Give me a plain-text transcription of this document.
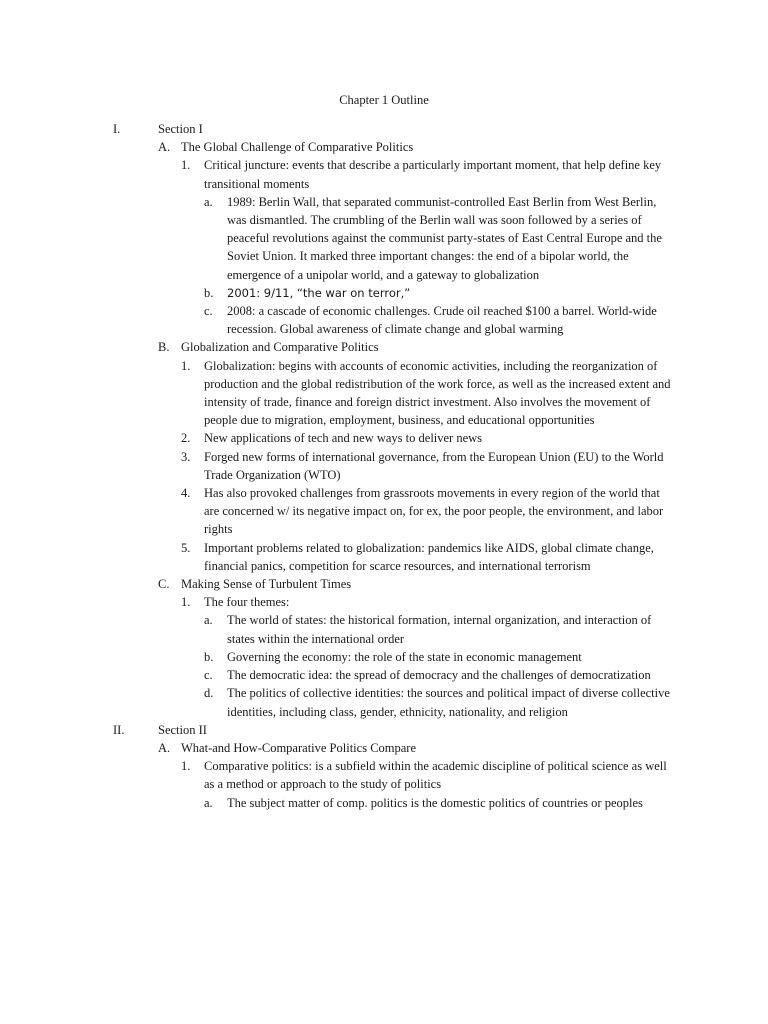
Chapter 1 Outline
I.	Section I
A. The Global Challenge of Comparative Politics
1. Critical juncture: events that describe a particularly important moment, that help define key transitional moments
a. 1989: Berlin Wall, that separated communist-controlled East Berlin from West Berlin, was dismantled. The crumbling of the Berlin wall was soon followed by a series of peaceful revolutions against the communist party-states of East Central Europe and the Soviet Union. It marked three important changes: the end of a bipolar world, the emergence of a unipolar world, and a gateway to globalization
b. 2001: 9/11, “the war on terror,”
c. 2008: a cascade of economic challenges. Crude oil reached $100 a barrel. World-wide recession. Global awareness of climate change and global warming
B. Globalization and Comparative Politics
1. Globalization: begins with accounts of economic activities, including the reorganization of production and the global redistribution of the work force, as well as the increased extent and intensity of trade, finance and foreign district investment. Also involves the movement of people due to migration, employment, business, and educational opportunities
2. New applications of tech and new ways to deliver news
3. Forged new forms of international governance, from the European Union (EU) to the World Trade Organization (WTO)
4. Has also provoked challenges from grassroots movements in every region of the world that are concerned w/ its negative impact on, for ex, the poor people, the environment, and labor rights
5. Important problems related to globalization: pandemics like AIDS, global climate change, financial panics, competition for scarce resources, and international terrorism
C. Making Sense of Turbulent Times
1. The four themes:
a. The world of states: the historical formation, internal organization, and interaction of states within the international order
b. Governing the economy: the role of the state in economic management
c. The democratic idea: the spread of democracy and the challenges of democratization
d. The politics of collective identities: the sources and political impact of diverse collective identities, including class, gender, ethnicity, nationality, and religion
II.	Section II
A. What-and How-Comparative Politics Compare
1. Comparative politics: is a subfield within the academic discipline of political science as well as a method or approach to the study of politics
a. The subject matter of comp. politics is the domestic politics of countries or peoples
